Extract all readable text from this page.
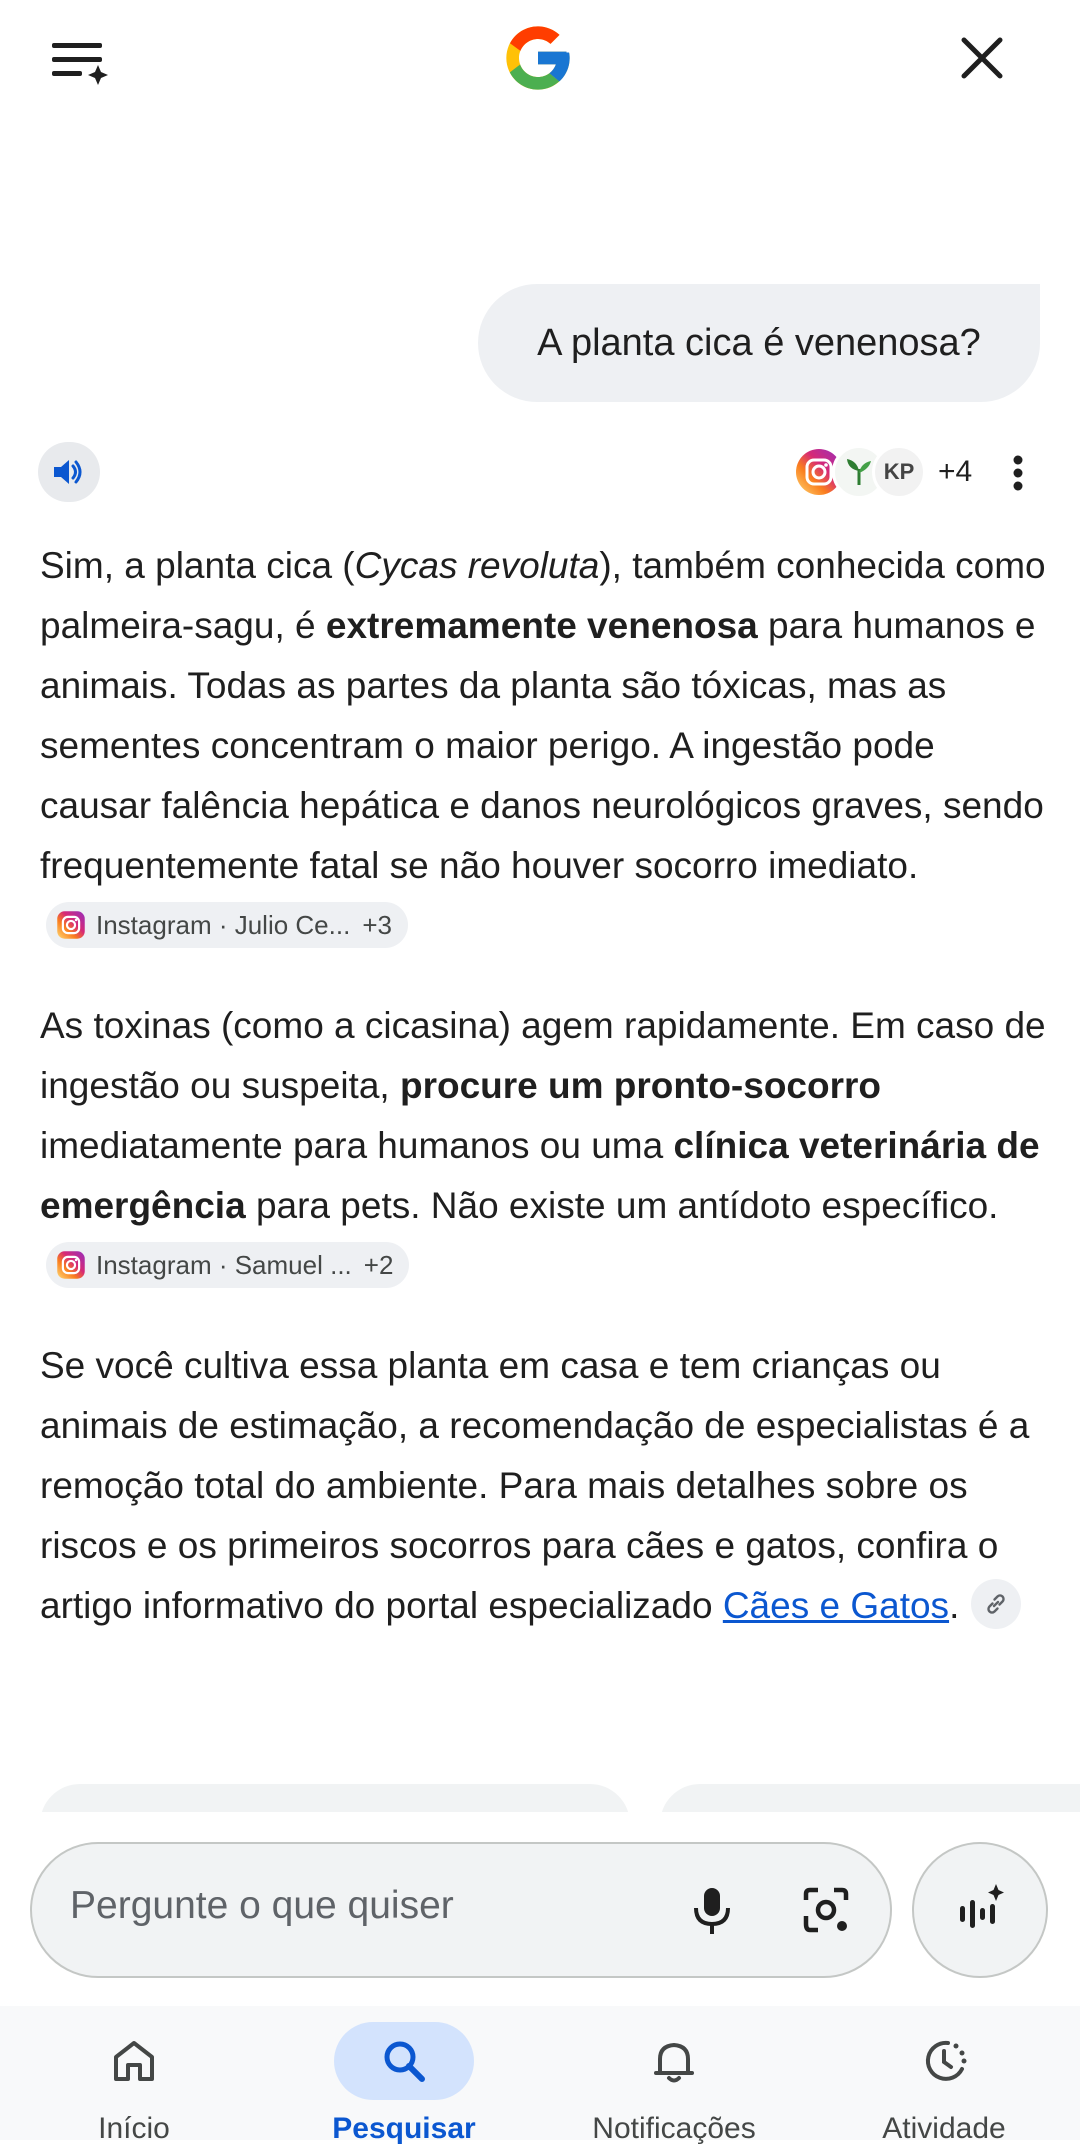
A planta cica é venenosa?
KP +4

Sim, a planta cica (Cycas revoluta), também conhecida como palmeira-sagu, é extremamente venenosa para humanos e animais. Todas as partes da planta são tóxicas, mas as sementes concentram o maior perigo. A ingestão pode causar falência hepática e danos neurológicos graves, sendo frequentemente fatal se não houver socorro imediato.
Instagram · Julio Ce... +3

As toxinas (como a cicasina) agem rapidamente. Em caso de ingestão ou suspeita, procure um pronto-socorro imediatamente para humanos ou uma clínica veterinária de emergência para pets. Não existe um antídoto específico.
Instagram · Samuel ... +2

Se você cultiva essa planta em casa e tem crianças ou animais de estimação, a recomendação de especialistas é a remoção total do ambiente. Para mais detalhes sobre os riscos e os primeiros socorros para cães e gatos, confira o artigo informativo do portal especializado Cães e Gatos.

Pergunte o que quiser
Início	Pesquisar	Notificações	Atividade
